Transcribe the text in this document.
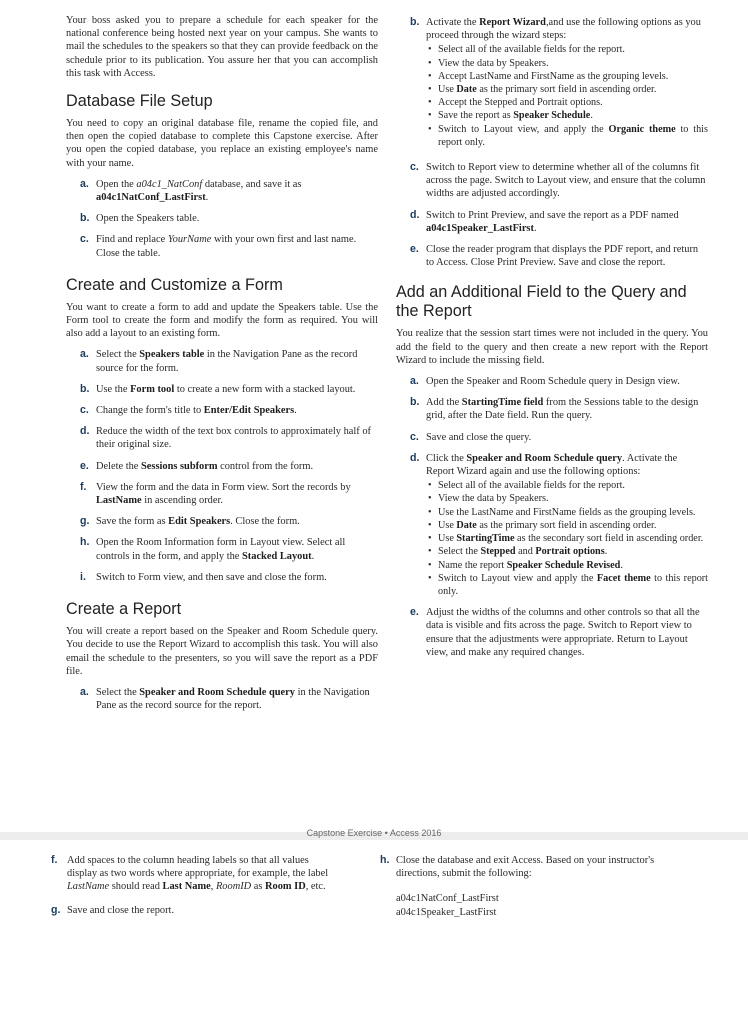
Your boss asked you to prepare a schedule for each speaker for the national conference being hosted next year on your campus. She wants to mail the schedules to the speakers so that they can provide feedback on the schedule prior to its publication. You assure her that you can accomplish this task with Access.

Database File Setup

You need to copy an original database file, rename the copied file, and then open the copied database to complete this Capstone exercise. After you open the copied database, you replace an existing employee's name with your name.

a. Open the a04c1_NatConf database, and save it as a04c1NatConf_LastFirst.
b. Open the Speakers table.
c. Find and replace YourName with your own first and last name. Close the table.
Create and Customize a Form

You want to create a form to add and update the Speakers table. Use the Form tool to create the form and modify the form as required. You will also add a layout to an existing form.

a. Select the Speakers table in the Navigation Pane as the record source for the form.
b. Use the Form tool to create a new form with a stacked layout.
c. Change the form's title to Enter/Edit Speakers.
d. Reduce the width of the text box controls to approximately half of their original size.
e. Delete the Sessions subform control from the form.
f. View the form and the data in Form view. Sort the records by LastName in ascending order.
g. Save the form as Edit Speakers. Close the form.
h. Open the Room Information form in Layout view. Select all controls in the form, and apply the Stacked Layout.
i. Switch to Form view, and then save and close the form.
Create a Report

You will create a report based on the Speaker and Room Schedule query. You decide to use the Report Wizard to accomplish this task. You will also email the schedule to the presenters, so you will save the report as a PDF file.

a. Select the Speaker and Room Schedule query in the Navigation Pane as the record source for the report.
b. Activate the Report Wizard,and use the following options as you proceed through the wizard steps:
• Select all of the available fields for the report.
• View the data by Speakers.
• Accept LastName and FirstName as the grouping levels.
• Use Date as the primary sort field in ascending order.
• Accept the Stepped and Portrait options.
• Save the report as Speaker Schedule.
• Switch to Layout view, and apply the Organic theme to this report only.
c. Switch to Report view to determine whether all of the columns fit across the page. Switch to Layout view, and ensure that the column widths are adjusted accordingly.
d. Switch to Print Preview, and save the report as a PDF named a04c1Speaker_LastFirst.
e. Close the reader program that displays the PDF report, and return to Access. Close Print Preview. Save and close the report.
Add an Additional Field to the Query and the Report

You realize that the session start times were not included in the query. You add the field to the query and then create a new report with the Report Wizard to include the missing field.

a. Open the Speaker and Room Schedule query in Design view.
b. Add the StartingTime field from the Sessions table to the design grid, after the Date field. Run the query.
c. Save and close the query.
d. Click the Speaker and Room Schedule query. Activate the Report Wizard again and use the following options:
• Select all of the available fields for the report.
• View the data by Speakers.
• Use the LastName and FirstName fields as the grouping levels.
• Use Date as the primary sort field in ascending order.
• Use StartingTime as the secondary sort field in ascending order.
• Select the Stepped and Portrait options.
• Name the report Speaker Schedule Revised.
• Switch to Layout view and apply the Facet theme to this report only.
e. Adjust the widths of the columns and other controls so that all the data is visible and fits across the page. Switch to Report view to ensure that the adjustments were appropriate. Return to Layout view, and make any required changes.
Capstone Exercise • Access 2016
f. Add spaces to the column heading labels so that all values display as two words where appropriate, for example, the label LastName should read Last Name, RoomID as Room ID, etc.
g. Save and close the report.
h. Close the database and exit Access. Based on your instructor's directions, submit the following:
a04c1NatConf_LastFirst
a04c1Speaker_LastFirst
